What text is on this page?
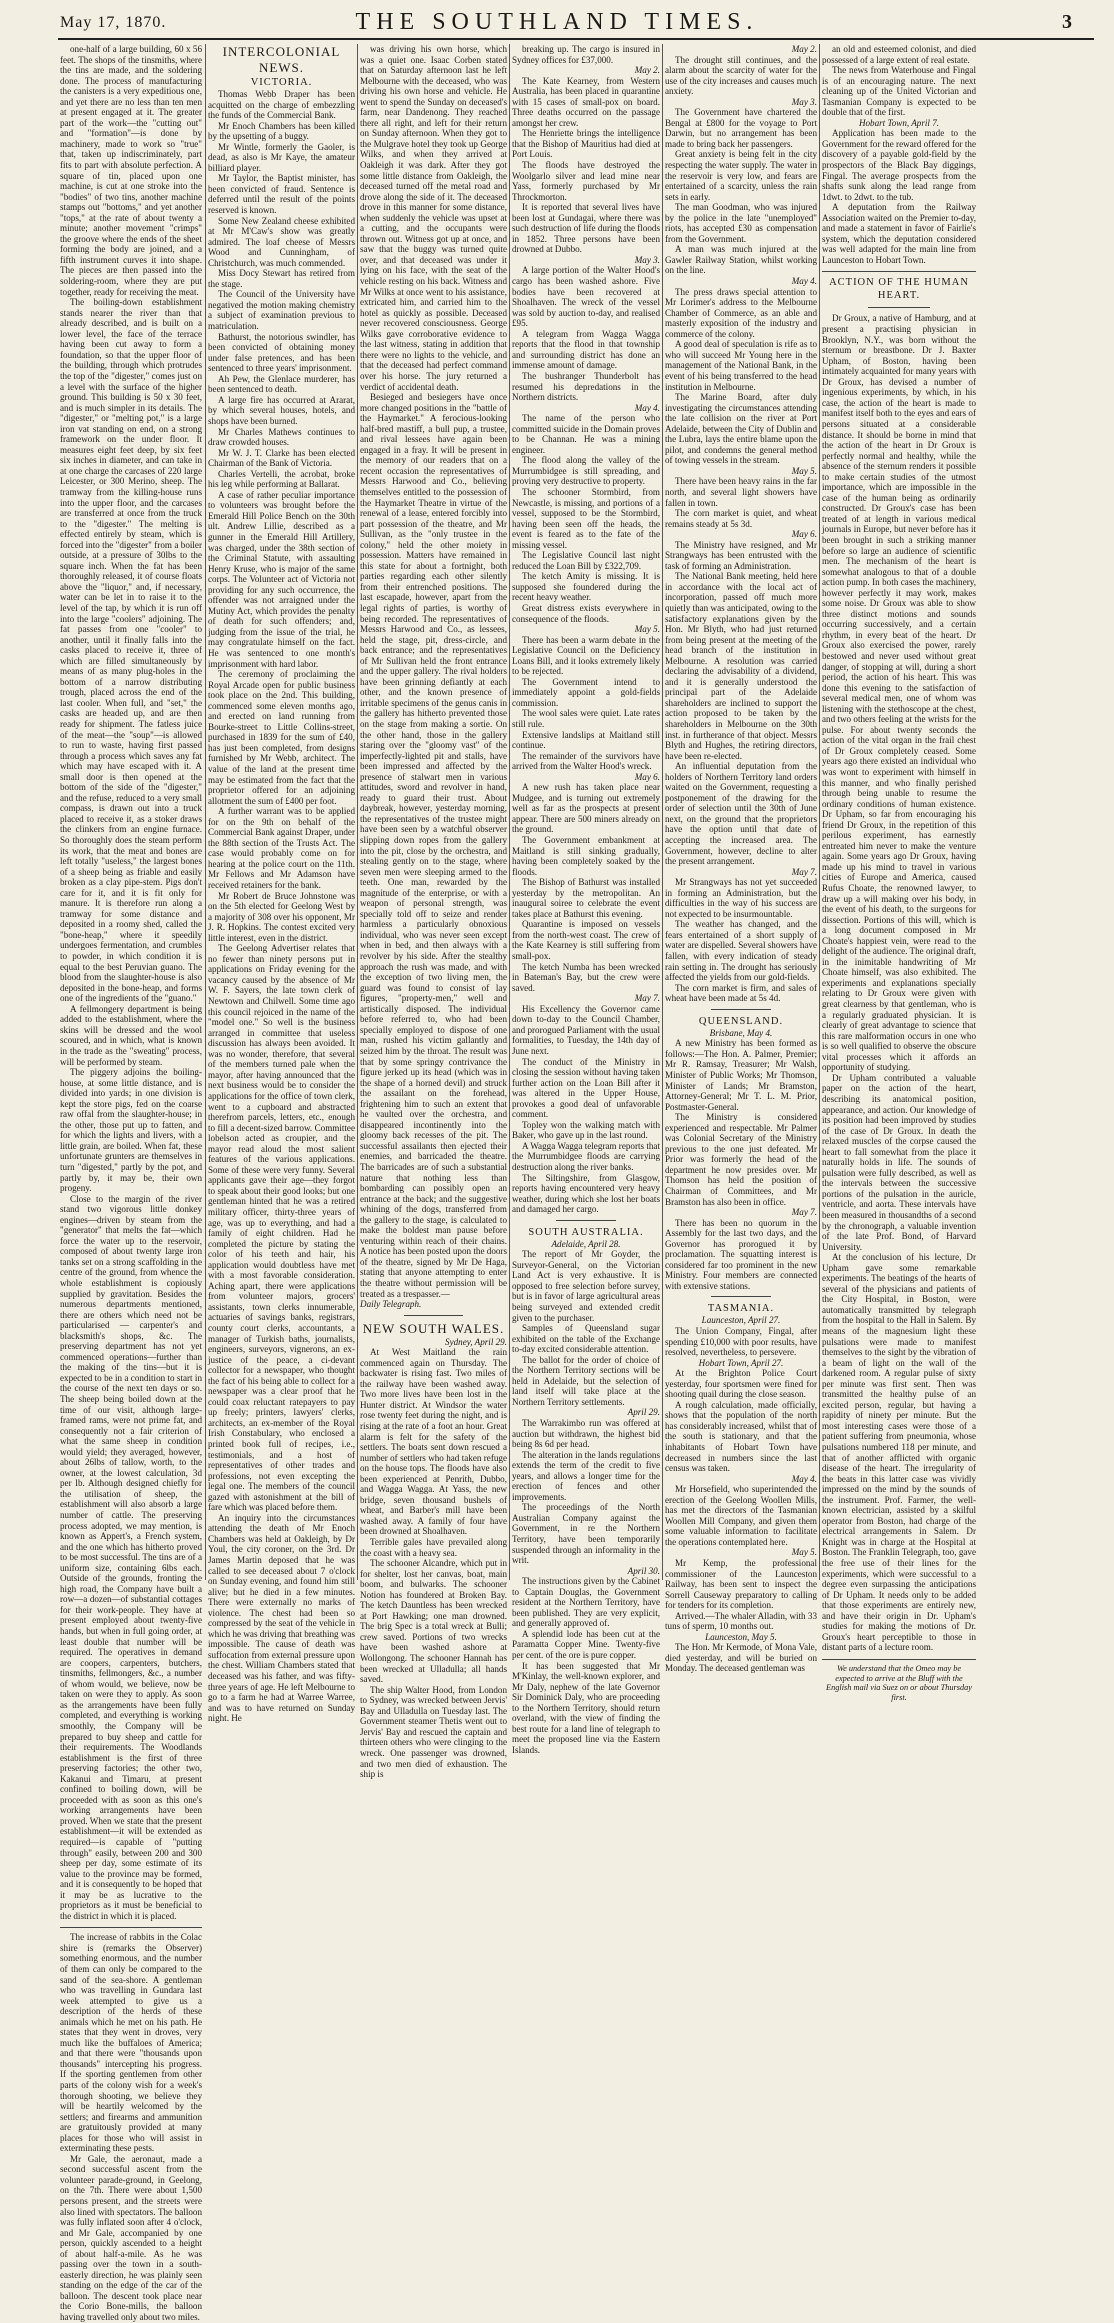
May 17, 1870.	THE SOUTHLAND TIMES.	3

one-half of a large building, 60 x 56 feet. The shops of the tinsmiths, where the tins are made, and the soldering done. The process of manufacturing the canisters is a very expeditious one, and yet there are no less than ten men at present engaged at it. The greater part of the work—the "cutting out" and "formation"—is done by machinery, made to work so "true" that, taken up indiscriminately, part fits to part with absolute perfection. A square of tin, placed upon one machine, is cut at one stroke into the "bodies" of two tins, another machine stamps out "bottoms," and yet another "tops," at the rate of about twenty a minute; another movement "crimps" the groove where the ends of the sheet forming the body are joined, and a fifth instrument curves it into shape. The pieces are then passed into the soldering-room, where they are put together, ready for receiving the meat.

The boiling-down establishment stands nearer the river than that already described, and is built on a lower level, the face of the terrace having been cut away to form a foundation, so that the upper floor of the building, through which protrudes the top of the "digester," comes just on a level with the surface of the higher ground. This building is 50 x 30 feet, and is much simpler in its details. The "digester," or "melting pot," is a large iron vat standing on end, on a strong framework on the under floor. It measures eight feet deep, by six feet six inches in diameter, and can take in at one charge the carcases of 220 large Leicester, or 300 Merino, sheep. The tramway from the killing-house runs into the upper floor, and the carcases are transferred at once from the truck to the "digester." The melting is effected entirely by steam, which is forced into the "digester" from a boiler outside, at a pressure of 30lbs to the square inch. When the fat has been thoroughly released, it of course floats above the "liquor," and, if necessary, water can be let in to raise it to the level of the tap, by which it is run off into the large "coolers" adjoining. The fat passes from one "cooler" to another, until it finally falls into the casks placed to receive it, three of which are filled simultaneously by means of as many plug-holes in the bottom of a narrow distributing trough, placed across the end of the last cooler. When full, and "set," the casks are headed up, and are then ready for shipment. The fatless juice of the meat—the "soup"—is allowed to run to waste, having first passed through a process which saves any fat which may have escaped with it. A small door is then opened at the bottom of the side of the "digester," and the refuse, reduced to a very small compass, is drawn out into a truck placed to receive it, as a stoker draws the clinkers from an engine furnace. So thoroughly does the steam perform its work, that the meat and bones are left totally "useless," the largest bones of a sheep being as friable and easily broken as a clay pipe-stem. Pigs don't care for it, and it is fit only for manure. It is therefore run along a tramway for some distance and deposited in a roomy shed, called the "bone-heap," where it speedily undergoes fermentation, and crumbles to powder, in which condition it is equal to the best Peruvian guano. The blood from the slaughter-house is also deposited in the bone-heap, and forms one of the ingredients of the "guano."

A fellmongery department is being added to the establishment, where the skins will be dressed and the wool scoured, and in which, what is known in the trade as the "sweating" process, will be performed by steam.

The piggery adjoins the boiling-house, at some little distance, and is divided into yards; in one division is kept the store pigs, fed on the coarse raw offal from the slaughter-house; in the other, those put up to fatten, and for which the lights and livers, with a little grain, are boiled. When fat, these unfortunate grunters are themselves in turn "digested," partly by the pot, and partly by, it may be, their own progeny.

Close to the margin of the river stand two vigorous little donkey engines—driven by steam from the "generator" that melts the fat—which force the water up to the reservoir, composed of about twenty large iron tanks set on a strong scaffolding in the centre of the ground, from whence the whole establishment is copiously supplied by gravitation. Besides the numerous departments mentioned, there are others which need not be particularised — carpenter's and blacksmith's shops, &c. The preserving department has not yet commenced operations—further than the making of the tins—but it is expected to be in a condition to start in the course of the next ten days or so. The sheep being boiled down at the time of our visit, although large-framed rams, were not prime fat, and consequently not a fair criterion of what the same sheep in condition would yield; they averaged, however, about 26lbs of tallow, worth, to the owner, at the lowest calculation, 3d per lb. Although designed chiefly for the utilisation of sheep, the establishment will also absorb a large number of cattle. The preserving process adopted, we may mention, is known as Appert's, a French system, and the one which has hitherto proved to be most successful. The tins are of a uniform size, containing 6lbs each. Outside of the grounds, fronting the high road, the Company have built a row—a dozen—of substantial cottages for their work-people. They have at present employed about twenty-five hands, but when in full going order, at least double that number will be required. The operatives in demand are coopers, carpenters, butchers, tinsmiths, fellmongers, &c., a number of whom would, we believe, now be taken on were they to apply. As soon as the arrangements have been fully completed, and everything is working smoothly, the Company will be prepared to buy sheep and cattle for their requirements. The Woodlands establishment is the first of three preserving factories; the other two, Kakanui and Timaru, at present confined to boiling down, will be proceeded with as soon as this one's working arrangements have been proved. When we state that the present establishment—it will be extended as required—is capable of "putting through" easily, between 200 and 300 sheep per day, some estimate of its value to the province may be formed, and it is consequently to be hoped that it may be as lucrative to the proprietors as it must be beneficial to the district in which it is placed.

The increase of rabbits in the Colac shire is (remarks the Observer) something enormous, and the number of them can only be compared to the sand of the sea-shore. A gentleman who was travelling in Gundara last week attempted to give us a description of the herds of these animals which he met on his path. He states that they went in droves, very much like the buffaloes of America; and that there were "thousands upon thousands" intercepting his progress. If the sporting gentlemen from other parts of the colony wish for a week's thorough shooting, we believe they will be heartily welcomed by the settlers; and firearms and ammunition are gratuitously provided at many places for those who will assist in exterminating these pests.

Mr Gale, the aeronaut, made a second successful ascent from the volunteer parade-ground, in Geelong, on the 7th. There were about 1,500 persons present, and the streets were also lined with spectators. The balloon was fully inflated soon after 4 o'clock, and Mr Gale, accompanied by one person, quickly ascended to a height of about half-a-mile. As he was passing over the town in a south-easterly direction, he was plainly seen standing on the edge of the car of the balloon. The descent took place near the Corio Bone-mills, the balloon having travelled only about two miles.

INTERCOLONIAL NEWS.

VICTORIA.

Thomas Webb Draper has been acquitted on the charge of embezzling the funds of the Commercial Bank.

Mr Enoch Chambers has been killed by the upsetting of a buggy.

Mr Wintle, formerly the Gaoler, is dead, as also is Mr Kaye, the amateur billiard player.

Mr Taylor, the Baptist minister, has been convicted of fraud. Sentence is deferred until the result of the points reserved is known.

Some New Zealand cheese exhibited at Mr M'Caw's show was greatly admired. The loaf cheese of Messrs Wood and Cunningham, of Christchurch, was much commended.

Miss Docy Stewart has retired from the stage.

The Council of the University have negatived the motion making chemistry a subject of examination previous to matriculation.

Bathurst, the notorious swindler, has been convicted of obtaining money under false pretences, and has been sentenced to three years' imprisonment.

Ah Pew, the Glenlace murderer, has been sentenced to death.

A large fire has occurred at Ararat, by which several houses, hotels, and shops have been burned.

Mr Charles Mathews continues to draw crowded houses.

Mr W. J. T. Clarke has been elected Chairman of the Bank of Victoria.

Charles Vertelli, the acrobat, broke his leg while performing at Ballarat.

A case of rather peculiar importance to volunteers was brought before the Emerald Hill Police Bench on the 30th ult. Andrew Lillie, described as a gunner in the Emerald Hill Artillery, was charged, under the 38th section of the Criminal Statute, with assaulting Henry Kruse, who is major of the same corps. The Volunteer act of Victoria not providing for any such occurrence, the offender was not arraigned under the Mutiny Act, which provides the penalty of death for such offenders; and, judging from the issue of the trial, he may congratulate himself on the fact. He was sentenced to one month's imprisonment with hard labor.

The ceremony of proclaiming the Royal Arcade open for public business took place on the 2nd. This building, commenced some eleven months ago, and erected on land running from Bourke-street to Little Collins-street, purchased in 1839 for the sum of £40, has just been completed, from designs furnished by Mr Webb, architect. The value of the land at the present time may be estimated from the fact that the proprietor offered for an adjoining allotment the sum of £400 per foot.

A further warrant was to be applied for on the 9th on behalf of the Commercial Bank against Draper, under the 88th section of the Trusts Act. The case would probably come on for hearing at the police court on the 11th. Mr Fellows and Mr Adamson have received retainers for the bank.

Mr Robert de Bruce Johnstone was on the 5th elected for Geelong West by a majority of 308 over his opponent, Mr J. R. Hopkins. The contest excited very little interest, even in the district.

The Geelong Advertiser relates that no fewer than ninety persons put in applications on Friday evening for the vacancy caused by the absence of Mr W. F. Sayers, the late town clerk of Newtown and Chilwell. Some time ago this council rejoiced in the name of the "model one." So well is the business arranged in committee that useless discussion has always been avoided. It was no wonder, therefore, that several of the members turned pale when the mayor, after having announced that the next business would be to consider the applications for the office of town clerk, went to a cupboard and abstracted therefrom parcels, letters, etc., enough to fill a decent-sized barrow. Committee lobelson acted as croupier, and the mayor read aloud the most salient features of the various applications. Some of these were very funny. Several applicants gave their age—they forgot to speak about their good looks; but one gentleman hinted that he was a retired military officer, thirty-three years of age, was up to everything, and had a family of eight children. Had he completed the picture by stating the color of his teeth and hair, his application would doubtless have met with a most favorable consideration. Aching apart, there were applications from volunteer majors, grocers' assistants, town clerks innumerable, actuaries of savings banks, registrars, county court clerks, accountants, a manager of Turkish baths, journalists, engineers, surveyors, vignerons, an ex-justice of the peace, a ci-devant collector for a newspaper, who thought the fact of his being able to collect for a newspaper was a clear proof that he could coax reluctant ratepayers to pay up freely; printers, lawyers' clerks, architects, an ex-member of the Royal Irish Constabulary, who enclosed a printed book full of recipes, i.e., testimonials, and a host of representatives of other trades and professions, not even excepting the legal one. The members of the council gazed with astonishment at the bill of fare which was placed before them.

An inquiry into the circumstances attending the death of Mr Enoch Chambers was held at Oakleigh, by Dr Youl, the city coroner, on the 3rd. Dr James Martin deposed that he was called to see deceased about 7 o'clock on Sunday evening, and found him still alive; but he died in a few minutes. There were externally no marks of violence. The chest had been so compressed by the seat of the vehicle in which he was driving that breathing was impossible. The cause of death was suffocation from external pressure upon the chest. William Chambers stated that deceased was his father, and was fifty-three years of age. He left Melbourne to go to a farm he had at Warree Warree, and was to have returned on Sunday night. He

was driving his own horse, which was a quiet one. Isaac Corben stated that on Saturday afternoon last he left Melbourne with the deceased, who was driving his own horse and vehicle. He went to spend the Sunday on deceased's farm, near Dandenong. They reached there all right, and left for their return on Sunday afternoon. When they got to the Mulgrave hotel they took up George Wilks, and when they arrived at Oakleigh it was dark. After they got some little distance from Oakleigh, the deceased turned off the metal road and drove along the side of it. The deceased drove in this manner for some distance, when suddenly the vehicle was upset at a cutting, and the occupants were thrown out. Witness got up at once, and saw that the buggy was turned quite over, and that deceased was under it lying on his face, with the seat of the vehicle resting on his back. Witness and Mr Wilks at once went to his assistance, extricated him, and carried him to the hotel as quickly as possible. Deceased never recovered consciousness. George Wilks gave corroborative evidence to the last witness, stating in addition that there were no lights to the vehicle, and that the deceased had perfect command over his horse. The jury returned a verdict of accidental death.

Besieged and besiegers have once more changed positions in the "battle of the Haymarket." A ferocious-looking half-bred mastiff, a bull pup, a trustee, and rival lessees have again been engaged in a fray. It will be present in the memory of our readers that on a recent occasion the representatives of Messrs Harwood and Co., believing themselves entitled to the possession of the Haymarket Theatre in virtue of the renewal of a lease, entered forcibly into part possession of the theatre, and Mr Sullivan, as the "only trustee in the colony," held the other moiety in possession. Matters have remained in this state for about a fortnight, both parties regarding each other silently from their entrenched positions. The last escapade, however, apart from the legal rights of parties, is worthy of being recorded. The representatives of Messrs Harwood and Co., as lessees, held the stage, pit, dress-circle, and back entrance; and the representatives of Mr Sullivan held the front entrance and the upper gallery. The rival holders have been grinning defiantly at each other, and the known presence of irritable specimens of the genus canis in the gallery has hitherto prevented those on the stage from making a sortie. On the other hand, those in the gallery staring over the "gloomy vast" of the imperfectly-lighted pit and stalls, have been impressed and affected by the presence of stalwart men in various attitudes, sword and revolver in hand, ready to guard their trust. About daybreak, however, yesterday morning, the representatives of the trustee might have been seen by a watchful observer slipping down ropes from the gallery into the pit, close by the orchestra, and stealing gently on to the stage, where seven men were sleeping armed to the teeth. One man, rewarded by the magnitude of the enterprise, or with a weapon of personal strength, was specially told off to seize and render harmless a particularly obnoxious individual, who was never seen except when in bed, and then always with a revolver by his side. After the stealthy approach the rush was made, and with the exception of two living men, the guard was found to consist of lay figures, "property-men," well and artistically disposed. The individual before referred to, who had been specially employed to dispose of one man, rushed his victim gallantly and seized him by the throat. The result was that by some springy contrivance the figure jerked up its head (which was in the shape of a horned devil) and struck the assailant on the forehead, frightening him to such an extent that he vaulted over the orchestra, and disappeared incontinently into the gloomy back recesses of the pit. The successful assailants then ejected their enemies, and barricaded the theatre. The barricades are of such a substantial nature that nothing less than bombarding can possibly open an entrance at the back; and the suggestive whining of the dogs, transferred from the gallery to the stage, is calculated to make the boldest man pause before venturing within reach of their chains. A notice has been posted upon the doors of the theatre, signed by Mr De Haga, stating that anyone attempting to enter the theatre without permission will be treated as a trespasser.—

Daily Telegraph.

NEW SOUTH WALES.

Sydney, April 29.

At West Maitland the rain commenced again on Thursday. The backwater is rising fast. Two miles of the railway have been washed away. Two more lives have been lost in the Hunter district. At Windsor the water rose twenty feet during the night, and is rising at the rate of a foot an hour. Great alarm is felt for the safety of the settlers. The boats sent down rescued a number of settlers who had taken refuge on the house tops. The floods have also been experienced at Penrith, Dubbo, and Wagga Wagga. At Yass, the new bridge, seven thousand bushels of wheat, and Barber's mill have been washed away. A family of four have been drowned at Shoalhaven.

Terrible gales have prevailed along the coast with a heavy sea.

The schooner Alcandre, which put in for shelter, lost her canvas, boat, main boom, and bulwarks. The schooner Notion has foundered at Broken Bay. The ketch Dauntless has been wrecked at Port Hawking; one man drowned. The brig Spec is a total wreck at Bulli; crew saved. Portions of two wrecks have been washed ashore at Wollongong. The schooner Hannah has been wrecked at Ulladulla; all hands saved.

The ship Walter Hood, from London to Sydney, was wrecked between Jervis' Bay and Ulladulla on Tuesday last. The Government steamer Thetis went out to Jervis' Bay and rescued the captain and thirteen others who were clinging to the wreck. One passenger was drowned, and two men died of exhaustion. The ship is

breaking up. The cargo is insured in Sydney offices for £37,000.

May 2.

The Kate Kearney, from Western Australia, has been placed in quarantine with 15 cases of small-pox on board. Three deaths occurred on the passage amongst her crew.

The Henriette brings the intelligence that the Bishop of Mauritius had died at Port Louis.

The floods have destroyed the Woolgarlo silver and lead mine near Yass, formerly purchased by Mr Throckmorton.

It is reported that several lives have been lost at Gundagai, where there was such destruction of life during the floods in 1852. Three persons have been drowned at Dubbo.

May 3.

A large portion of the Walter Hood's cargo has been washed ashore. Five bodies have been recovered at Shoalhaven. The wreck of the vessel was sold by auction to-day, and realised £95.

A telegram from Wagga Wagga reports that the flood in that township and surrounding district has done an immense amount of damage.

The bushranger Thunderbolt has resumed his depredations in the Northern districts.

May 4.

The name of the person who committed suicide in the Domain proves to be Channan. He was a mining engineer.

The flood along the valley of the Murrumbidgee is still spreading, and proving very destructive to property.

The schooner Stormbird, from Newcastle, is missing, and portions of a vessel, supposed to be the Stormbird, having been seen off the heads, the event is feared as to the fate of the missing vessel.

The Legislative Council last night reduced the Loan Bill by £322,709.

The ketch Amity is missing. It is supposed she foundered during the recent heavy weather.

Great distress exists everywhere in consequence of the floods.

May 5.

There has been a warm debate in the Legislative Council on the Deficiency Loans Bill, and it looks extremely likely to be rejected.

The Government intend to immediately appoint a gold-fields commission.

The wool sales were quiet. Late rates still rule.

Extensive landslips at Maitland still continue.

The remainder of the survivors have arrived from the Walter Hood's wreck.

May 6.

A new rush has taken place near Mudgee, and is turning out extremely well as far as the prospects at present appear. There are 500 miners already on the ground.

The Government embankment at Maitland is still sinking gradually, having been completely soaked by the floods.

The Bishop of Bathurst was installed yesterday by the metropolitan. An inaugural soiree to celebrate the event takes place at Bathurst this evening.

Quarantine is imposed on vessels from the north-west coast. The crew of the Kate Kearney is still suffering from small-pox.

The ketch Numba has been wrecked in Bateman's Bay, but the crew were saved.

May 7.

His Excellency the Governor came down to-day to the Council Chamber, and prorogued Parliament with the usual formalities, to Tuesday, the 14th day of June next.

The conduct of the Ministry in closing the session without having taken further action on the Loan Bill after it was altered in the Upper House, provokes a good deal of unfavorable comment.

Topley won the walking match with Baker, who gave up in the last round.

A Wagga Wagga telegram reports that the Murrumbidgee floods are carrying destruction along the river banks.

The Siltingshire, from Glasgow, reports having encountered very heavy weather, during which she lost her boats and damaged her cargo.

SOUTH AUSTRALIA.

Adelaide, April 28.

The report of Mr Goyder, the Surveyor-General, on the Victorian Land Act is very exhaustive. It is opposed to free selection before survey, but is in favor of large agricultural areas being surveyed and extended credit given to the purchaser.

Samples of Queensland sugar exhibited on the table of the Exchange to-day excited considerable attention.

The ballot for the order of choice of the Northern Territory sections will be held in Adelaide, but the selection of land itself will take place at the Northern Territory settlements.

April 29.

The Warrakimbo run was offered at auction but withdrawn, the highest bid being 8s 6d per head.

The alteration in the lands regulations extends the term of the credit to five years, and allows a longer time for the erection of fences and other improvements.

The proceedings of the North Australian Company against the Government, in re the Northern Territory, have been temporarily suspended through an informality in the writ.

April 30.

The instructions given by the Cabinet to Captain Douglas, the Government resident at the Northern Territory, have been published. They are very explicit, and generally approved of.

A splendid lode has been cut at the Paramatta Copper Mine. Twenty-five per cent. of the ore is pure copper.

It has been suggested that Mr M'Kinlay, the well-known explorer, and Mr Daly, nephew of the late Governor Sir Dominick Daly, who are proceeding to the Northern Territory, should return overland, with the view of finding the best route for a land line of telegraph to meet the proposed line via the Eastern Islands.

May 2.

The drought still continues, and the alarm about the scarcity of water for the use of the city increases and causes much anxiety.

May 3.

The Government have chartered the Bengal at £800 for the voyage to Port Darwin, but no arrangement has been made to bring back her passengers.

Great anxiety is being felt in the city respecting the water supply. The water in the reservoir is very low, and fears are entertained of a scarcity, unless the rain sets in early.

The man Goodman, who was injured by the police in the late "unemployed" riots, has accepted £30 as compensation from the Government.

A man was much injured at the Gawler Railway Station, whilst working on the line.

May 4.

The press draws special attention to Mr Lorimer's address to the Melbourne Chamber of Commerce, as an able and masterly exposition of the industry and commerce of the colony.

A good deal of speculation is rife as to who will succeed Mr Young here in the management of the National Bank, in the event of his being transferred to the head institution in Melbourne.

The Marine Board, after duly investigating the circumstances attending the late collision on the river at Port Adelaide, between the City of Dublin and the Lubra, lays the entire blame upon the pilot, and condemns the general method of towing vessels in the stream.

May 5.

There have been heavy rains in the far north, and several light showers have fallen in town.

The corn market is quiet, and wheat remains steady at 5s 3d.

May 6.

The Ministry have resigned, and Mr Strangways has been entrusted with the task of forming an Administration.

The National Bank meeting, held here in accordance with the local act of incorporation, passed off much more quietly than was anticipated, owing to the satisfactory explanations given by the Hon. Mr Blyth, who had just returned from being present at the meeting of the head branch of the institution in Melbourne. A resolution was carried declaring the advisability of a dividend, and it is generally understood the principal part of the Adelaide shareholders are inclined to support the action proposed to be taken by the shareholders in Melbourne on the 30th inst. in furtherance of that object. Messrs Blyth and Hughes, the retiring directors, have been re-elected.

An influential deputation from the holders of Northern Territory land orders waited on the Government, requesting a postponement of the drawing for the order of selection until the 30th of June next, on the ground that the proprietors have the option until that date of accepting the increased area. The Government, however, decline to alter the present arrangement.

May 7.

Mr Strangways has not yet succeeded in forming an Administration, but the difficulties in the way of his success are not expected to be insurmountable.

The weather has changed, and the fears entertained of a short supply of water are dispelled. Several showers have fallen, with every indication of steady rain setting in. The drought has seriously affected the yields from our gold-fields.

The corn market is firm, and sales of wheat have been made at 5s 4d.

QUEENSLAND.

Brisbane, May 4.

A new Ministry has been formed as follows:—The Hon. A. Palmer, Premier; Mr R. Ramsay, Treasurer; Mr Walsh, Minister of Public Works; Mr Thomson, Minister of Lands; Mr Bramston, Attorney-General; Mr T. L. M. Prior, Postmaster-General.

The Ministry is considered experienced and respectable. Mr Palmer was Colonial Secretary of the Ministry previous to the one just defeated. Mr Prior was formerly the head of the department he now presides over. Mr Thomson has held the position of Chairman of Committees, and Mr Bramston has also been in office.

May 7.

There has been no quorum in the Assembly for the last two days, and the Governor has prorogued it by proclamation. The squatting interest is considered far too prominent in the new Ministry. Four members are connected with extensive stations.

TASMANIA.

Launceston, April 27.

The Union Company, Fingal, after spending £10,000 with poor results, have resolved, nevertheless, to persevere.

Hobart Town, April 27.

At the Brighton Police Court yesterday, four sportsmen were fined for shooting quail during the close season.

A rough calculation, made officially, shows that the population of the north has considerably increased, whilst that of the south is stationary, and that the inhabitants of Hobart Town have decreased in numbers since the last census was taken.

May 4.

Mr Horsefield, who superintended the erection of the Geelong Woollen Mills, has met the directors of the Tasmanian Woollen Mill Company, and given them some valuable information to facilitate the operations contemplated here.

May 5.

Mr Kemp, the professional commissioner of the Launceston Railway, has been sent to inspect the Sorrell Causeway preparatory to calling for tenders for its completion.

Arrived.—The whaler Alladin, with 33 tuns of sperm, 10 months out.

Launceston, May 5.

The Hon. Mr Kermode, of Mona Vale, died yesterday, and will be buried on Monday. The deceased gentleman was

an old and esteemed colonist, and died possessed of a large extent of real estate.

The news from Waterhouse and Fingal is of an encouraging nature. The next cleaning up of the United Victorian and Tasmanian Company is expected to be double that of the first.

Hobart Town, April 7.

Application has been made to the Government for the reward offered for the discovery of a payable gold-field by the prospectors of the Black Bay diggings, Fingal. The average prospects from the shafts sunk along the lead range from 1dwt. to 2dwt. to the tub.

A deputation from the Railway Association waited on the Premier to-day, and made a statement in favor of Fairlie's system, which the deputation considered was well adapted for the main line from Launceston to Hobart Town.

ACTION OF THE HUMAN HEART.

Dr Groux, a native of Hamburg, and at present a practising physician in Brooklyn, N.Y., was born without the sternum or breastbone. Dr J. Baxter Upham, of Boston, having been intimately acquainted for many years with Dr Groux, has devised a number of ingenious experiments, by which, in his case, the action of the heart is made to manifest itself both to the eyes and ears of persons situated at a considerable distance. It should be borne in mind that the action of the heart in Dr Groux is perfectly normal and healthy, while the absence of the sternum renders it possible to make certain studies of the utmost importance, which are impossible in the case of the human being as ordinarily constructed. Dr Groux's case has been treated of at length in various medical journals in Europe, but never before has it been brought in such a striking manner before so large an audience of scientific men. The mechanism of the heart is somewhat analogous to that of a double action pump. In both cases the machinery, however perfectly it may work, makes some noise. Dr Groux was able to show three distinct motions and sounds occurring successively, and a certain rhythm, in every beat of the heart. Dr Groux also exercised the power, rarely bestowed and never used without great danger, of stopping at will, during a short period, the action of his heart. This was done this evening to the satisfaction of several medical men, one of whom was listening with the stethoscope at the chest, and two others feeling at the wrists for the pulse. For about twenty seconds the action of the vital organ in the frail chest of Dr Groux completely ceased. Some years ago there existed an individual who was wont to experiment with himself in this manner, and who finally perished through being unable to resume the ordinary conditions of human existence. Dr Upham, so far from encouraging his friend Dr Groux, in the repetition of this perilous experiment, has earnestly entreated him never to make the venture again. Some years ago Dr Groux, having made up his mind to travel in various cities of Europe and America, caused Rufus Choate, the renowned lawyer, to draw up a will making over his body, in the event of his death, to the surgeons for dissection. Portions of this will, which is a long document composed in Mr Choate's happiest vein, were read to the delight of the audience. The original draft, in the inimitable handwriting of Mr Choate himself, was also exhibited. The experiments and explanations specially relating to Dr Groux were given with great clearness by that gentleman, who is a regularly graduated physician. It is clearly of great advantage to science that this rare malformation occurs in one who is so well qualified to observe the obscure vital processes which it affords an opportunity of studying.

Dr Upham contributed a valuable paper on the action of the heart, describing its anatomical position, appearance, and action. Our knowledge of its position had been improved by studies of the case of Dr Groux. In death the relaxed muscles of the corpse caused the heart to fall somewhat from the place it naturally holds in life. The sounds of pulsation were fully described, as well as the intervals between the successive portions of the pulsation in the auricle, ventricle, and aorta. These intervals have been measured in thousandths of a second by the chronograph, a valuable invention of the late Prof. Bond, of Harvard University.

At the conclusion of his lecture, Dr Upham gave some remarkable experiments. The beatings of the hearts of several of the physicians and patients of the City Hospital, in Boston, were automatically transmitted by telegraph from the hospital to the Hall in Salem. By means of the magnesium light these pulsations were made to manifest themselves to the sight by the vibration of a beam of light on the wall of the darkened room. A regular pulse of sixty per minute was first sent. Then was transmitted the healthy pulse of an excited person, regular, but having a rapidity of ninety per minute. But the most interesting cases were those of a patient suffering from pneumonia, whose pulsations numbered 118 per minute, and that of another afflicted with organic disease of the heart. The irregularity of the beats in this latter case was vividly impressed on the mind by the sounds of the instrument. Prof. Farmer, the well-known electrician, assisted by a skilful operator from Boston, had charge of the electrical arrangements in Salem. Dr Knight was in charge at the Hospital at Boston. The Franklin Telegraph, too, gave the free use of their lines for the experiments, which were successful to a degree even surpassing the anticipations of Dr Upham. It needs only to be added that those experiments are entirely new, and have their origin in Dr. Upham's studies for making the motions of Dr. Groux's heart perceptible to those in distant parts of a lecture room.

We understand that the Omeo may be expected to arrive at the Bluff with the English mail via Suez on or about Thursday first.
